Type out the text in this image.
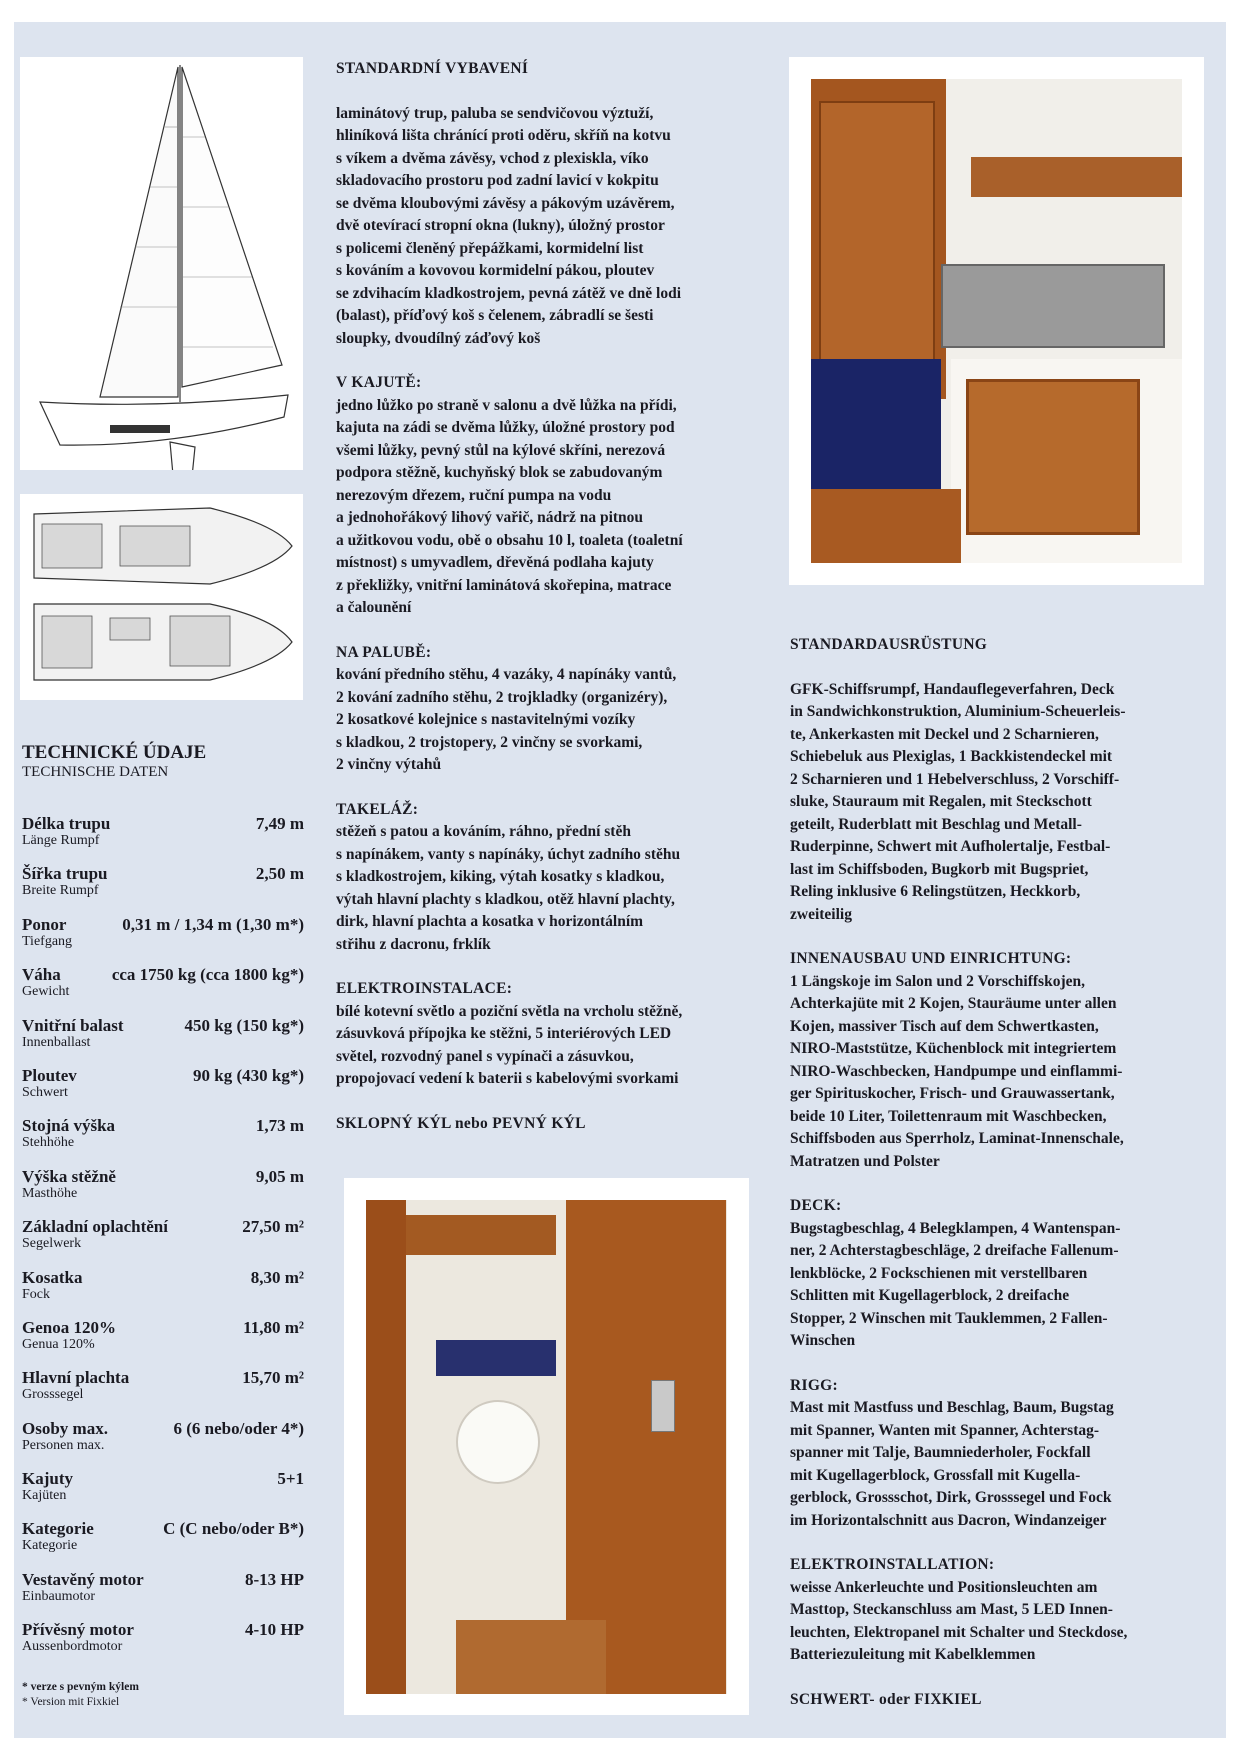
TECHNICKÉ ÚDAJE
TECHNISCHE DATEN
Délka trupu
Länge Rumpf
7,49 m
Šířka trupu
Breite Rumpf
2,50 m
Ponor
Tiefgang
0,31 m / 1,34 m (1,30 m*)
Váha
Gewicht
cca 1750 kg (cca 1800 kg*)
Vnitřní balast
Innenballast
450 kg (150 kg*)
Ploutev
Schwert
90 kg (430 kg*)
Stojná výška
Stehhöhe
1,73 m
Výška stěžně
Masthöhe
9,05 m
Základní oplachtění
Segelwerk
27,50 m²
Kosatka
Fock
8,30 m²
Genoa 120%
Genua 120%
11,80 m²
Hlavní plachta
Grosssegel
15,70 m²
Osoby max.
Personen max.
6 (6 nebo/oder 4*)
Kajuty
Kajüten
5+1
Kategorie
Kategorie
C (C nebo/oder B*)
Vestavěný motor
Einbaumotor
8-13 HP
Přívěsný motor
Aussenbordmotor
4-10 HP
* verze s pevným kýlem
* Version mit Fixkiel
STANDARDNÍ VYBAVENÍ

laminátový trup, paluba se sendvičovou výztuží,
hliníková lišta chránící proti oděru, skříň na kotvu
s víkem a dvěma závěsy, vchod z plexiskla, víko
skladovacího prostoru pod zadní lavicí v kokpitu
se dvěma kloubovými závěsy a pákovým uzávěrem,
dvě otevírací stropní okna (lukny), úložný prostor
s policemi členěný přepážkami, kormidelní list
s kováním a kovovou kormidelní pákou, ploutev
se zdvihacím kladkostrojem, pevná zátěž ve dně lodi
(balast), příďový koš s čelenem, zábradlí se šesti
sloupky, dvoudílný záďový koš

V KAJUTĚ:

jedno lůžko po straně v salonu a dvě lůžka na přídi,
kajuta na zádi se dvěma lůžky, úložné prostory pod
všemi lůžky, pevný stůl na kýlové skříni, nerezová
podpora stěžně, kuchyňský blok se zabudovaným
nerezovým dřezem, ruční pumpa na vodu
a jednohořákový lihový vařič, nádrž na pitnou
a užitkovou vodu, obě o obsahu 10 l, toaleta (toaletní
místnost) s umyvadlem, dřevěná podlaha kajuty
z překližky, vnitřní laminátová skořepina, matrace
a čalounění

NA PALUBĚ:

kování předního stěhu, 4 vazáky, 4 napínáky vantů,
2 kování zadního stěhu, 2 trojkladky (organizéry),
2 kosatkové kolejnice s nastavitelnými vozíky
s kladkou, 2 trojstopery, 2 vinčny se svorkami,
2 vinčny výtahů

TAKELÁŽ:

stěžeň s patou a kováním, ráhno, přední stěh
s napínákem, vanty s napínáky, úchyt zadního stěhu
s kladkostrojem, kiking, výtah kosatky s kladkou,
výtah hlavní plachty s kladkou, otěž hlavní plachty,
dirk, hlavní plachta a kosatka v horizontálním
střihu z dacronu, frklík

ELEKTROINSTALACE:

bílé kotevní světlo a poziční světla na vrcholu stěžně,
zásuvková přípojka ke stěžni, 5 interiérových LED
světel, rozvodný panel s vypínači a zásuvkou,
propojovací vedení k baterii s kabelovými svorkami

SKLOPNÝ KÝL nebo PEVNÝ KÝL
STANDARDAUSRÜSTUNG

GFK-Schiffsrumpf, Handauflegeverfahren, Deck
in Sandwichkonstruktion, Aluminium-Scheuerleis-
te, Ankerkasten mit Deckel und 2 Scharnieren,
Schiebeluk aus Plexiglas, 1 Backkistendeckel mit
2 Scharnieren und 1 Hebelverschluss, 2 Vorschiff-
sluke, Stauraum mit Regalen, mit Steckschott
geteilt, Ruderblatt mit Beschlag und Metall-
Ruderpinne, Schwert mit Aufholertalje, Festbal-
last im Schiffsboden, Bugkorb mit Bugspriet,
Reling inklusive 6 Relingstützen, Heckkorb,
zweiteilig

INNENAUSBAU UND EINRICHTUNG:

1 Längskoje im Salon und 2 Vorschiffskojen,
Achterkajüte mit 2 Kojen, Stauräume unter allen
Kojen, massiver Tisch auf dem Schwertkasten,
NIRO-Maststütze, Küchenblock mit integriertem
NIRO-Waschbecken, Handpumpe und einflammi-
ger Spirituskocher, Frisch- und Grauwassertank,
beide 10 Liter, Toilettenraum mit Waschbecken,
Schiffsboden aus Sperrholz, Laminat-Innenschale,
Matratzen und Polster

DECK:

Bugstagbeschlag, 4 Belegklampen, 4 Wantenspan-
ner, 2 Achterstagbeschläge, 2 dreifache Fallenum-
lenkblöcke, 2 Fockschienen mit verstellbaren
Schlitten mit Kugellagerblock, 2 dreifache
Stopper, 2 Winschen mit Tauklemmen, 2 Fallen-
Winschen

RIGG:

Mast mit Mastfuss und Beschlag, Baum, Bugstag
mit Spanner, Wanten mit Spanner, Achterstag-
spanner mit Talje, Baumniederholer, Fockfall
mit Kugellagerblock, Grossfall mit Kugella-
gerblock, Grossschot, Dirk, Grosssegel und Fock
im Horizontalschnitt aus Dacron, Windanzeiger

ELEKTROINSTALLATION:

weisse Ankerleuchte und Positionsleuchten am
Masttop, Steckanschluss am Mast, 5 LED Innen-
leuchten, Elektropanel mit Schalter und Steckdose,
Batteriezuleitung mit Kabelklemmen

SCHWERT- oder FIXKIEL
